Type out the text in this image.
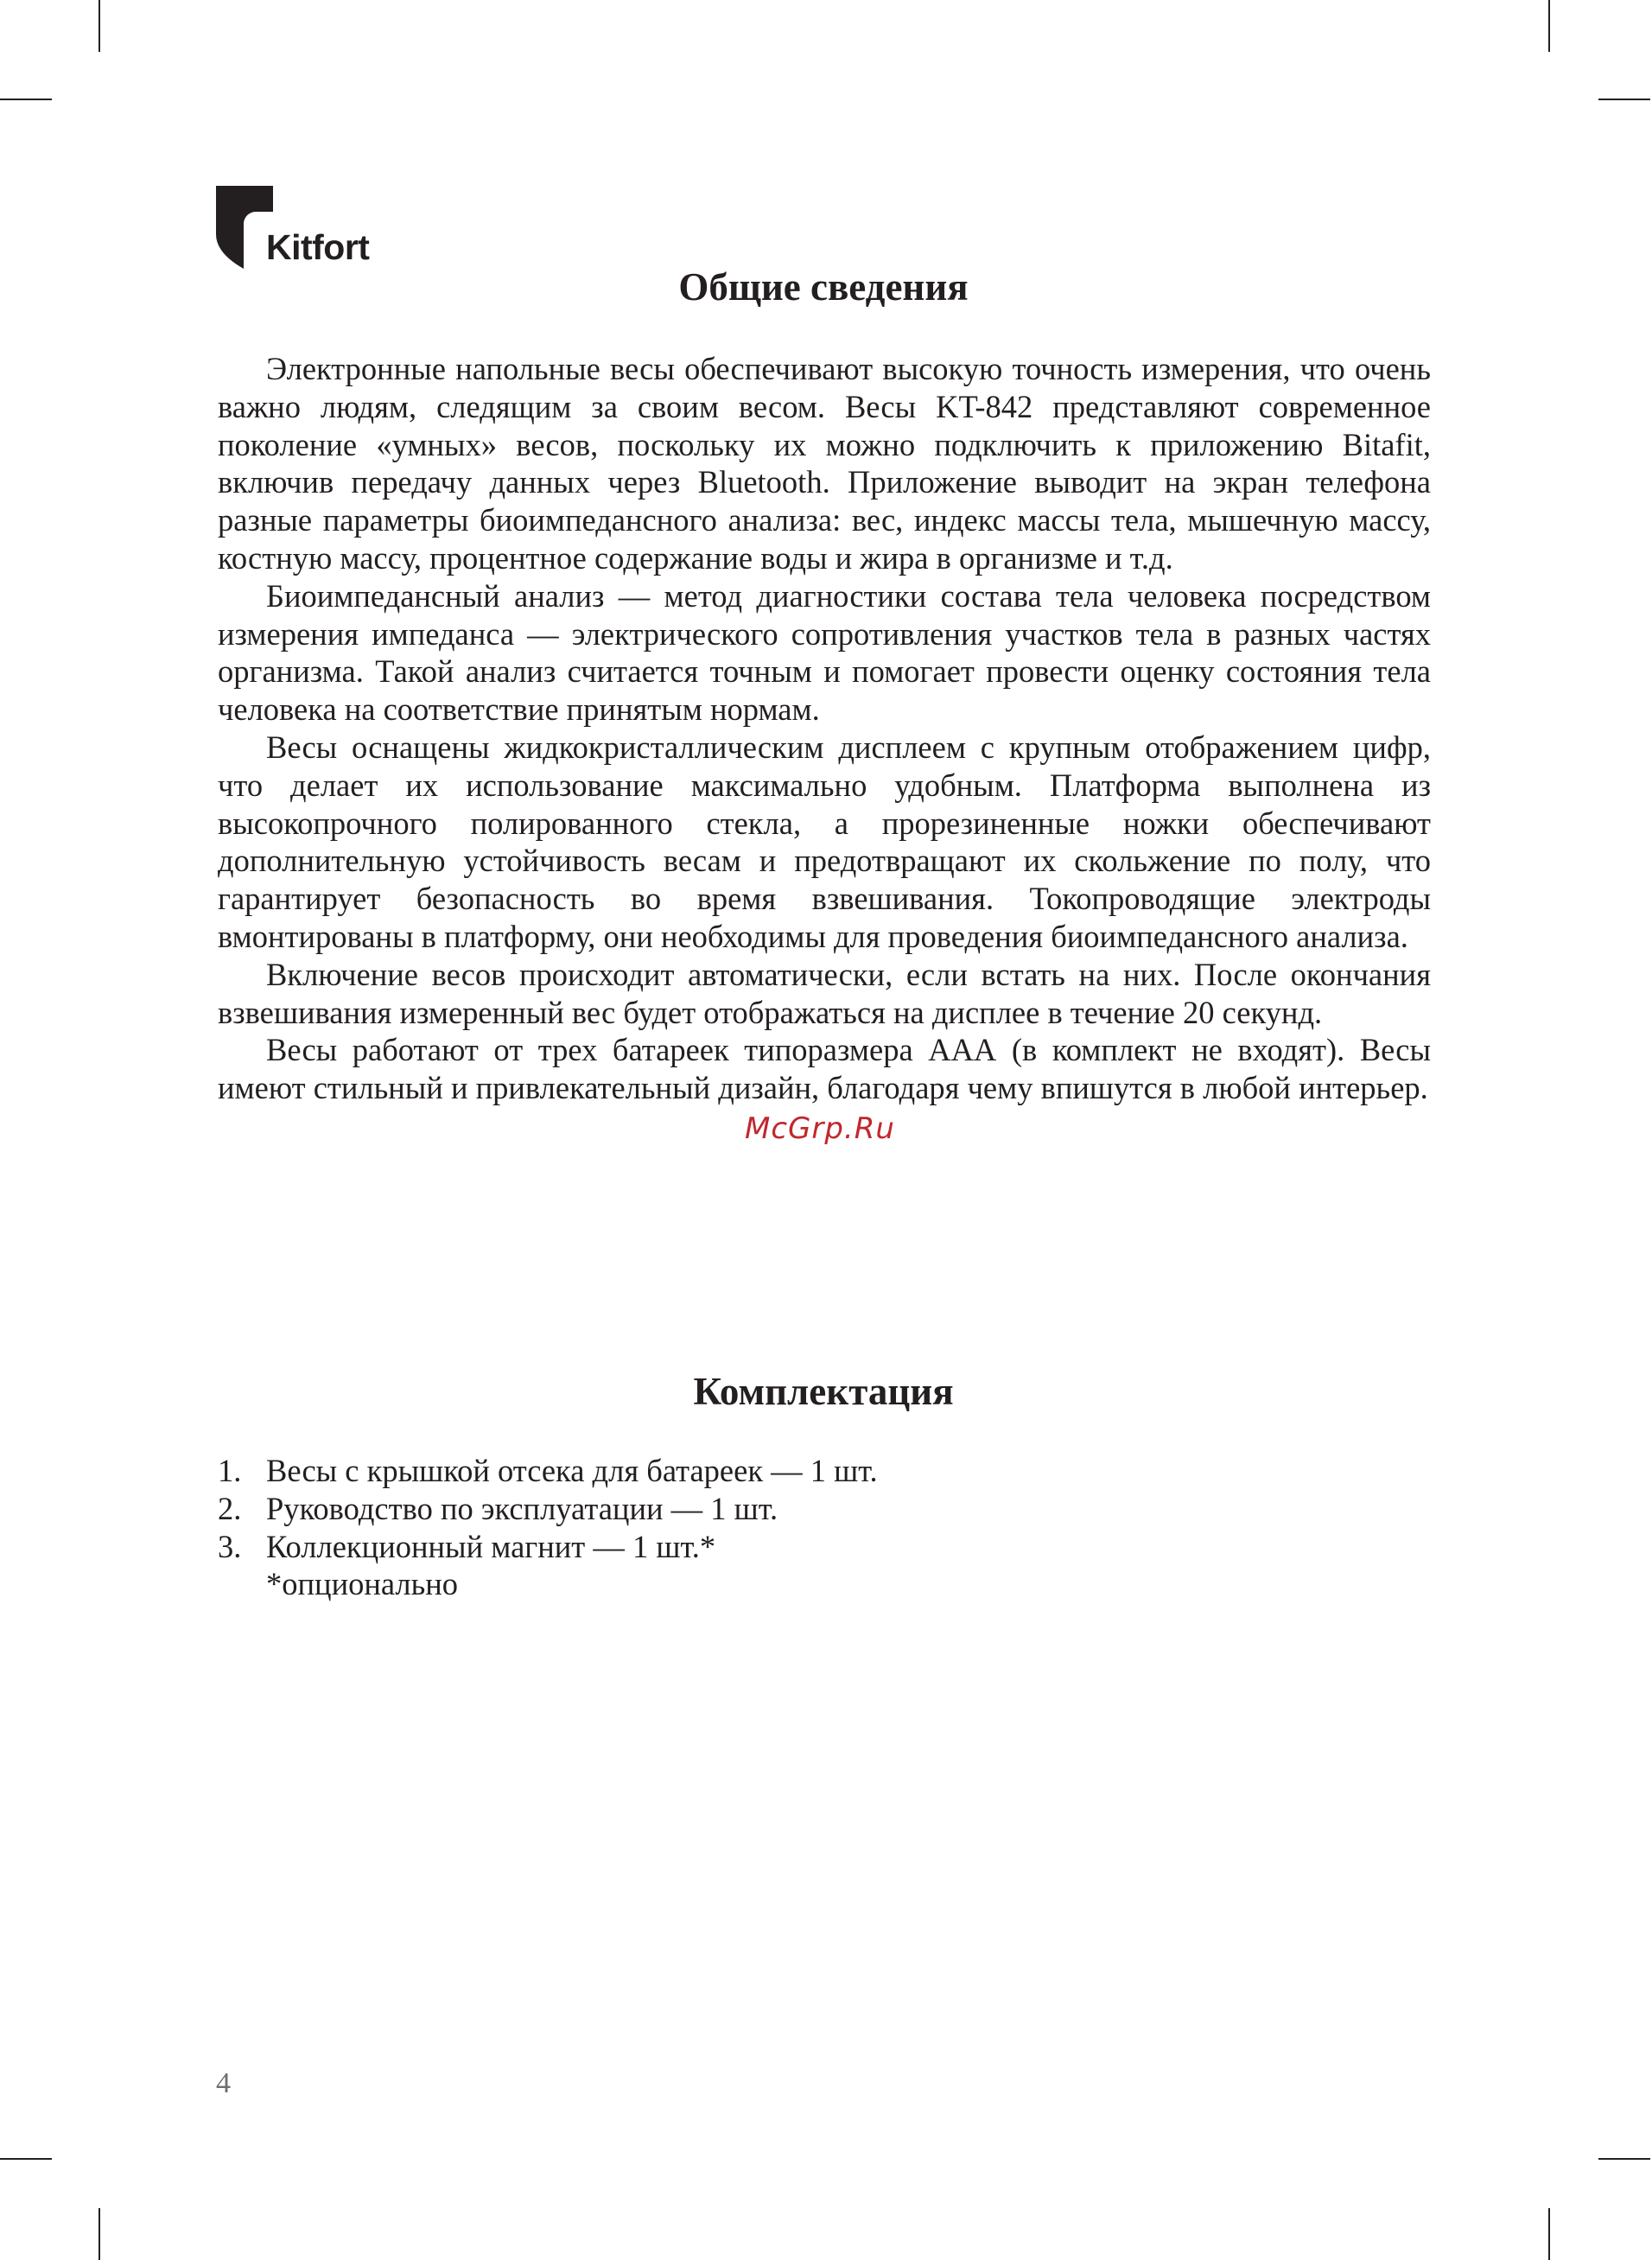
Kitfort
Общие сведения

Электронные напольные весы обеспечивают высокую точность измерения, что очень важно людям, следящим за своим весом. Весы KT-842 представляют современное поколение «умных» весов, поскольку их можно подключить к приложению Bitafit, включив передачу данных через Bluetooth. Приложение выводит на экран телефона разные параметры биоимпедансного анализа: вес, индекс массы тела, мышечную массу, костную массу, процентное содержание воды и жира в организме и т.д.

Биоимпедансный анализ — метод диагностики состава тела человека посредством измерения импеданса — электрического сопротивления участков тела в разных частях организма. Такой анализ считается точным и помогает провести оценку состояния тела человека на соответствие принятым нормам.

Весы оснащены жидкокристаллическим дисплеем с крупным отображением цифр, что делает их использование максимально удобным. Платформа выполнена из высокопрочного полированного стекла, а прорезиненные ножки обеспечивают дополнительную устойчивость весам и предотвращают их скольжение по полу, что гарантирует безопасность во время взвешивания. Токопроводящие электроды вмонтированы в платформу, они необходимы для проведения биоимпедансного анализа.

Включение весов происходит автоматически, если встать на них. После окончания взвешивания измеренный вес будет отображаться на дисплее в течение 20 секунд.

Весы работают от трех батареек типоразмера ААА (в комплект не входят). Весы имеют стильный и привлекательный дизайн, благодаря чему впишутся в любой интерьер.

McGrp.Ru
Комплектация
1. Весы с крышкой отсека для батареек — 1 шт.
2. Руководство по эксплуатации — 1 шт.
3. Коллекционный магнит — 1 шт.*
*опционально
4
